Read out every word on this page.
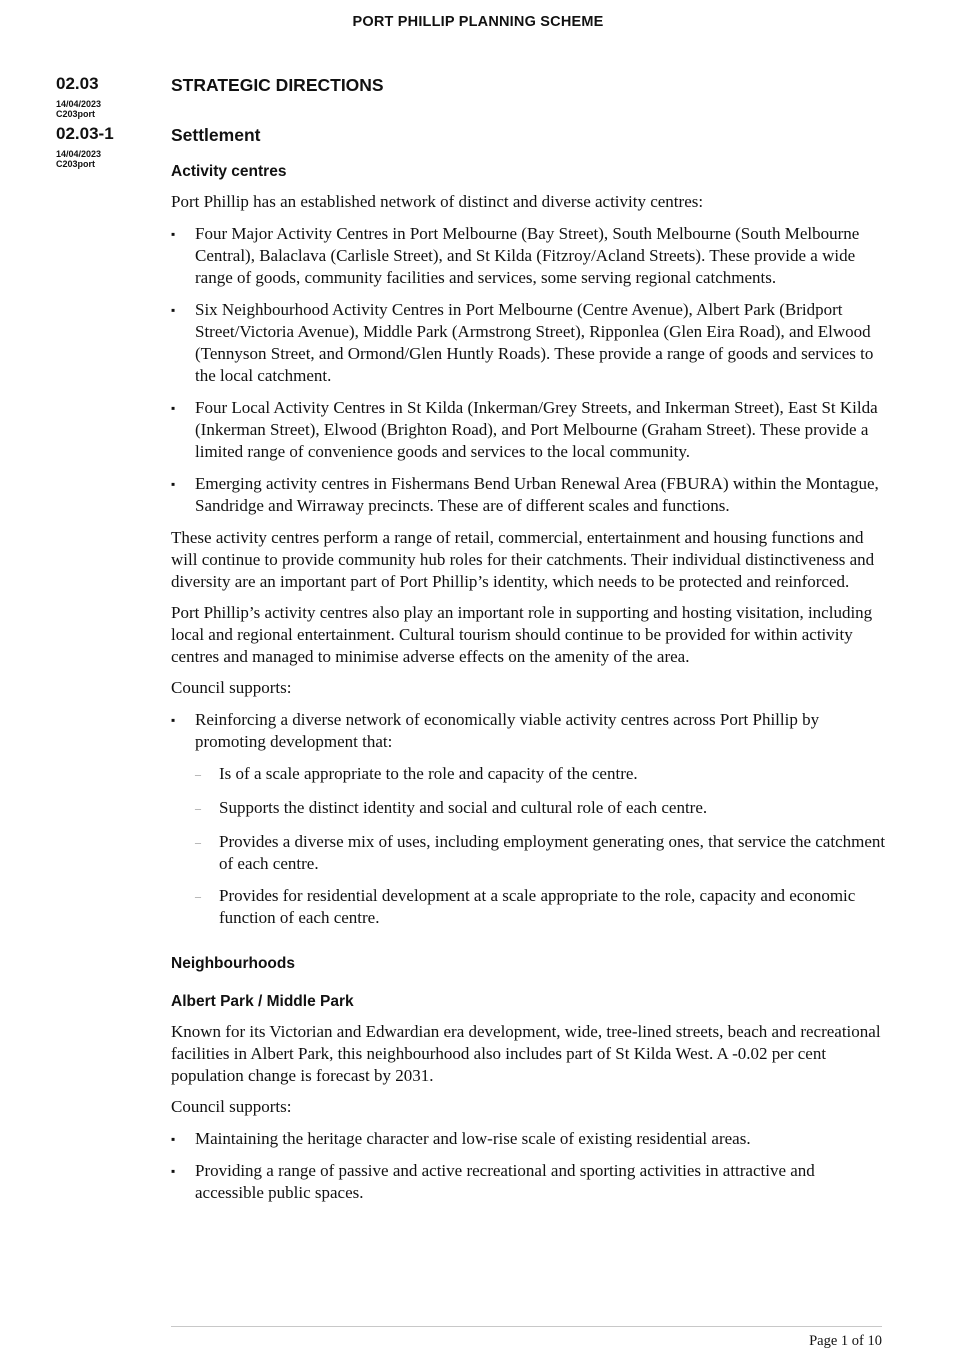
PORT PHILLIP PLANNING SCHEME
02.03
14/04/2023
C203port
02.03-1
14/04/2023
C203port
STRATEGIC DIRECTIONS
Settlement
Activity centres

Port Phillip has an established network of distinct and diverse activity centres:

▪ Four Major Activity Centres in Port Melbourne (Bay Street), South Melbourne (South Melbourne Central), Balaclava (Carlisle Street), and St Kilda (Fitzroy/Acland Streets). These provide a wide range of goods, community facilities and services, some serving regional catchments.
▪ Six Neighbourhood Activity Centres in Port Melbourne (Centre Avenue), Albert Park (Bridport Street/Victoria Avenue), Middle Park (Armstrong Street), Ripponlea (Glen Eira Road), and Elwood (Tennyson Street, and Ormond/Glen Huntly Roads). These provide a range of goods and services to the local catchment.
▪ Four Local Activity Centres in St Kilda (Inkerman/Grey Streets, and Inkerman Street), East St Kilda (Inkerman Street), Elwood (Brighton Road), and Port Melbourne (Graham Street). These provide a limited range of convenience goods and services to the local community.
▪ Emerging activity centres in Fishermans Bend Urban Renewal Area (FBURA) within the Montague, Sandridge and Wirraway precincts. These are of different scales and functions.

These activity centres perform a range of retail, commercial, entertainment and housing functions and will continue to provide community hub roles for their catchments. Their individual distinctiveness and diversity are an important part of Port Phillip’s identity, which needs to be protected and reinforced.

Port Phillip’s activity centres also play an important role in supporting and hosting visitation, including local and regional entertainment. Cultural tourism should continue to be provided for within activity centres and managed to minimise adverse effects on the amenity of the area.

Council supports:

▪ Reinforcing a diverse network of economically viable activity centres across Port Phillip by promoting development that:
– Is of a scale appropriate to the role and capacity of the centre.
– Supports the distinct identity and social and cultural role of each centre.
– Provides a diverse mix of uses, including employment generating ones, that service the catchment of each centre.
– Provides for residential development at a scale appropriate to the role, capacity and economic function of each centre.
Neighbourhoods
Albert Park / Middle Park

Known for its Victorian and Edwardian era development, wide, tree-lined streets, beach and recreational facilities in Albert Park, this neighbourhood also includes part of St Kilda West. A -0.02 per cent population change is forecast by 2031.

Council supports:

▪ Maintaining the heritage character and low-rise scale of existing residential areas.
▪ Providing a range of passive and active recreational and sporting activities in attractive and accessible public spaces.
Page 1 of 10
